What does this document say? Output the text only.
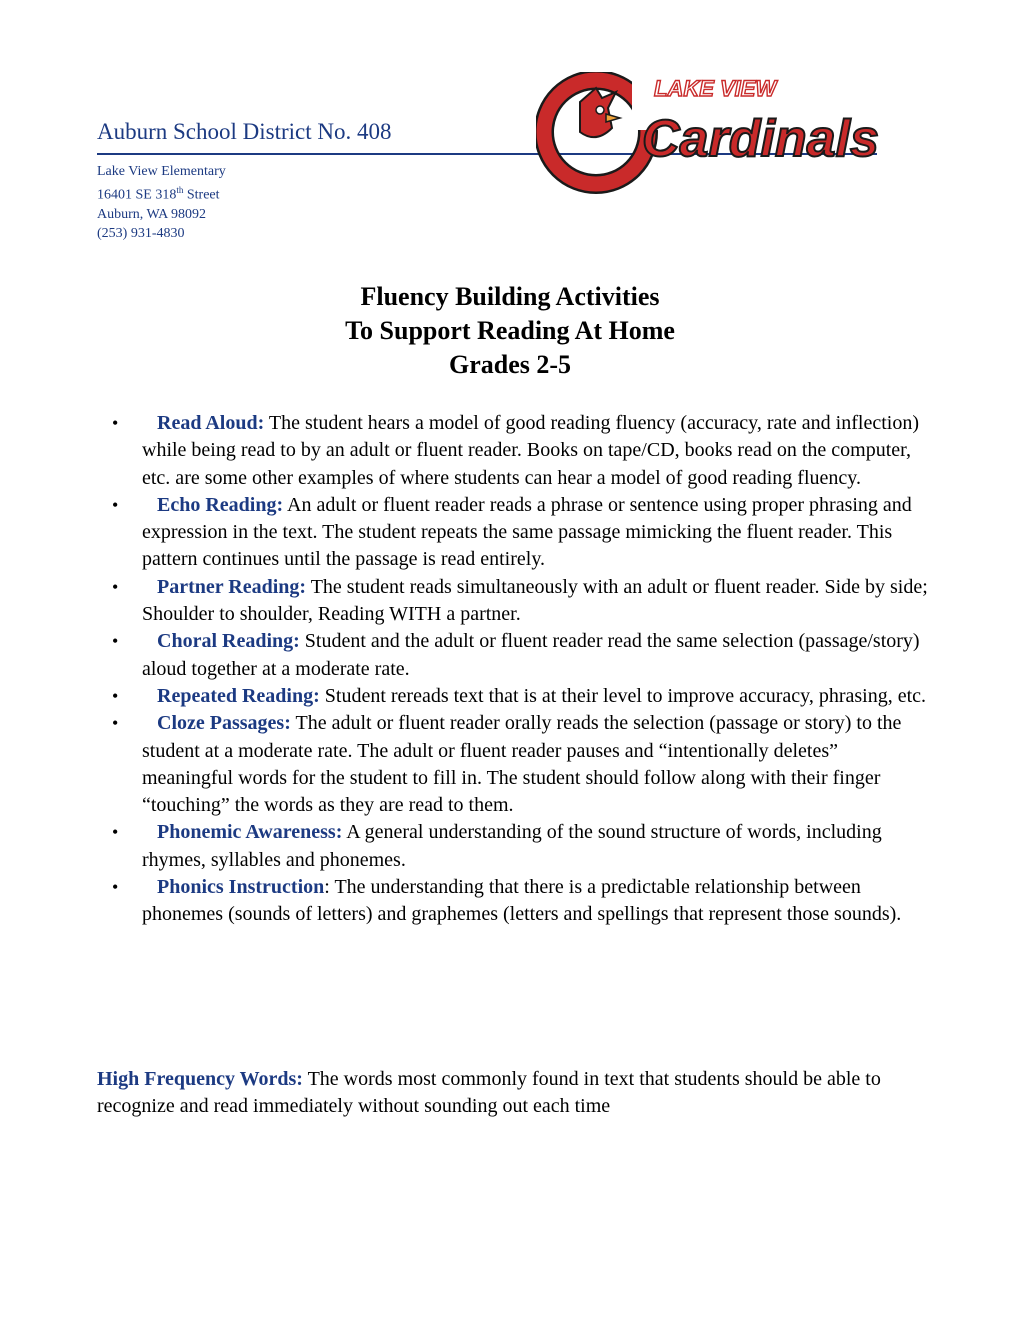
Auburn School District No. 408
Lake View Elementary
16401 SE 318th Street
Auburn, WA 98092
(253) 931-4830
LAKE VIEW
Cardinals
Fluency Building Activities
To Support Reading At Home
Grades 2-5
•	Read Aloud: The student hears a model of good reading fluency (accuracy, rate and inflection) while being read to by an adult or fluent reader. Books on tape/CD, books read on the computer, etc. are some other examples of where students can hear a model of good reading fluency.
•	Echo Reading: An adult or fluent reader reads a phrase or sentence using proper phrasing and expression in the text. The student repeats the same passage mimicking the fluent reader. This pattern continues until the passage is read entirely.
•	Partner Reading: The student reads simultaneously with an adult or fluent reader. Side by side; Shoulder to shoulder, Reading WITH a partner.
•	Choral Reading: Student and the adult or fluent reader read the same selection (passage/story) aloud together at a moderate rate.
•	Repeated Reading: Student rereads text that is at their level to improve accuracy, phrasing, etc.
•	Cloze Passages: The adult or fluent reader orally reads the selection (passage or story) to the student at a moderate rate. The adult or fluent reader pauses and “intentionally deletes” meaningful words for the student to fill in. The student should follow along with their finger “touching” the words as they are read to them.
•	Phonemic Awareness: A general understanding of the sound structure of words, including rhymes, syllables and phonemes.
•	Phonics Instruction: The understanding that there is a predictable relationship between phonemes (sounds of letters) and graphemes (letters and spellings that represent those sounds).
High Frequency Words: The words most commonly found in text that students should be able to recognize and read immediately without sounding out each time
